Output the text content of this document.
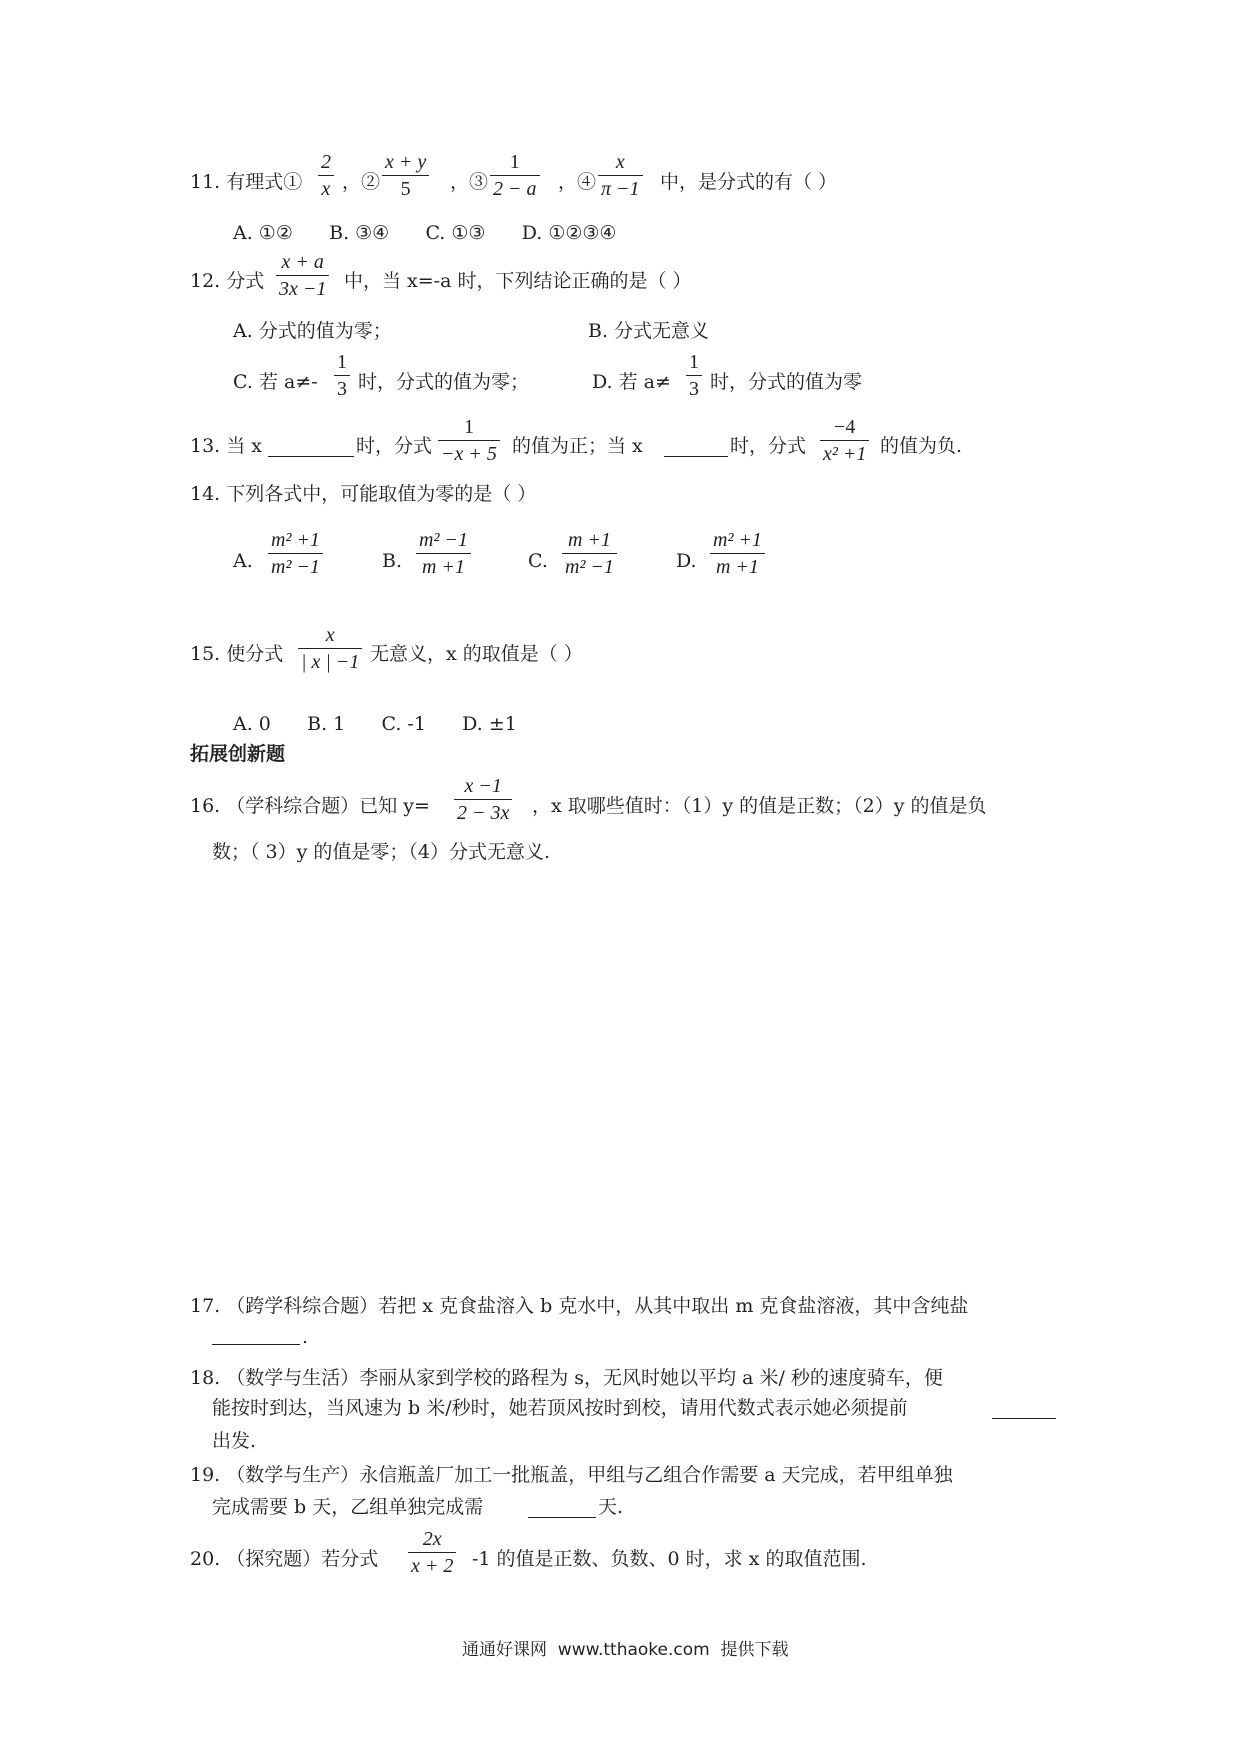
11. 有理式①
2
x ，②
x + y
5	，③
1
2 − a ，④
x
π −1 中，是分式的有（ ）
A. ①②      B. ③④      C. ①③      D. ①②③④
12. 分式
x + a
3x −1 中，当 x=-a 时，下列结论正确的是（ ）
A. 分式的值为零；	B. 分式无意义
C. 若 a≠-
1
3 时，分式的值为零；	D. 若 a≠
1
3 时，分式的值为零
13. 当 x	时，分式
1
−x + 5 的值为正；当 x	时，分式
−4
x² +1 的值为负.
14. 下列各式中，可能取值为零的是（ ）
A.
m² +1
m² −1	B.
m² −1
m +1	C.
m +1
m² −1	D.
m² +1
m +1
15. 使分式
x
| x | −1 无意义，x 的取值是（ ）
A. 0      B. 1      C. -1      D. ±1
拓展创新题
16. （学科综合题）已知 y=
x −1
2 − 3x ，x 取哪些值时：（1）y 的值是正数；（2）y 的值是负
数；（ 3）y 的值是零；（4）分式无意义.
17. （跨学科综合题）若把 x 克食盐溶入 b 克水中，从其中取出 m 克食盐溶液，其中含纯盐
.
18. （数学与生活）李丽从家到学校的路程为 s，无风时她以平均 a 米/ 秒的速度骑车，便
能按时到达，当风速为 b 米/秒时，她若顶风按时到校，请用代数式表示她必须提前
出发.
19. （数学与生产）永信瓶盖厂加工一批瓶盖，甲组与乙组合作需要 a 天完成，若甲组单独
完成需要 b 天，乙组单独完成需	天.
20. （探究题）若分式
2x
x + 2 -1 的值是正数、负数、0 时，求 x 的取值范围.
通通好课网  www.tthaoke.com  提供下载
